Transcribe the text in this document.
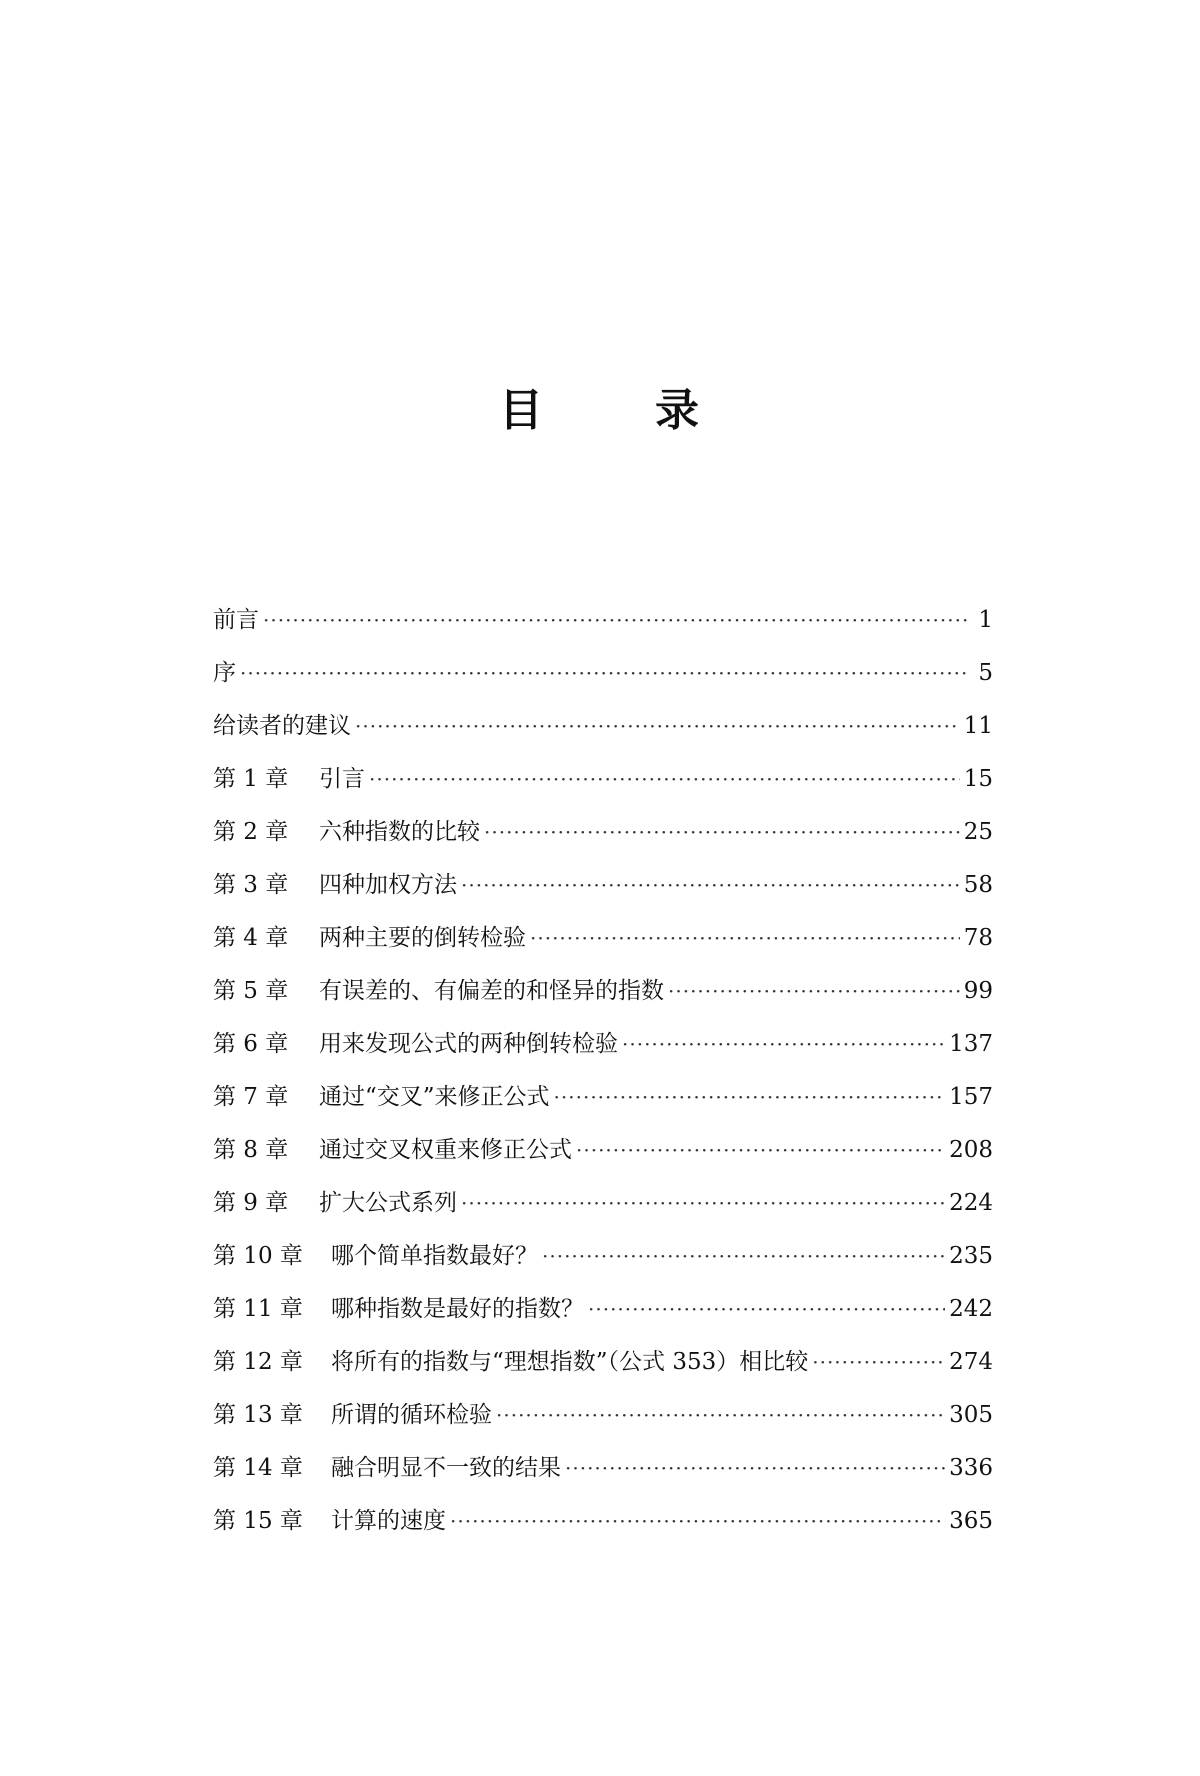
目	录
前言 ·····	1
序 ·····	5
给读者的建议 ·····	11
第 1 章	引言 ·····	15
第 2 章	六种指数的比较 ·····	25
第 3 章	四种加权方法 ·····	58
第 4 章	两种主要的倒转检验 ·····	78
第 5 章	有误差的、有偏差的和怪异的指数 ·····	99
第 6 章	用来发现公式的两种倒转检验 ·····	137
第 7 章	通过“交叉”来修正公式 ·····	157
第 8 章	通过交叉权重来修正公式 ·····	208
第 9 章	扩大公式系列 ·····	224
第 10 章	哪个简单指数最好？ ·····	235
第 11 章	哪种指数是最好的指数？ ·····	242
第 12 章	将所有的指数与“理想指数”（公式 353）相比较 ·····	274
第 13 章	所谓的循环检验 ·····	305
第 14 章	融合明显不一致的结果 ·····	336
第 15 章	计算的速度 ·····	365
